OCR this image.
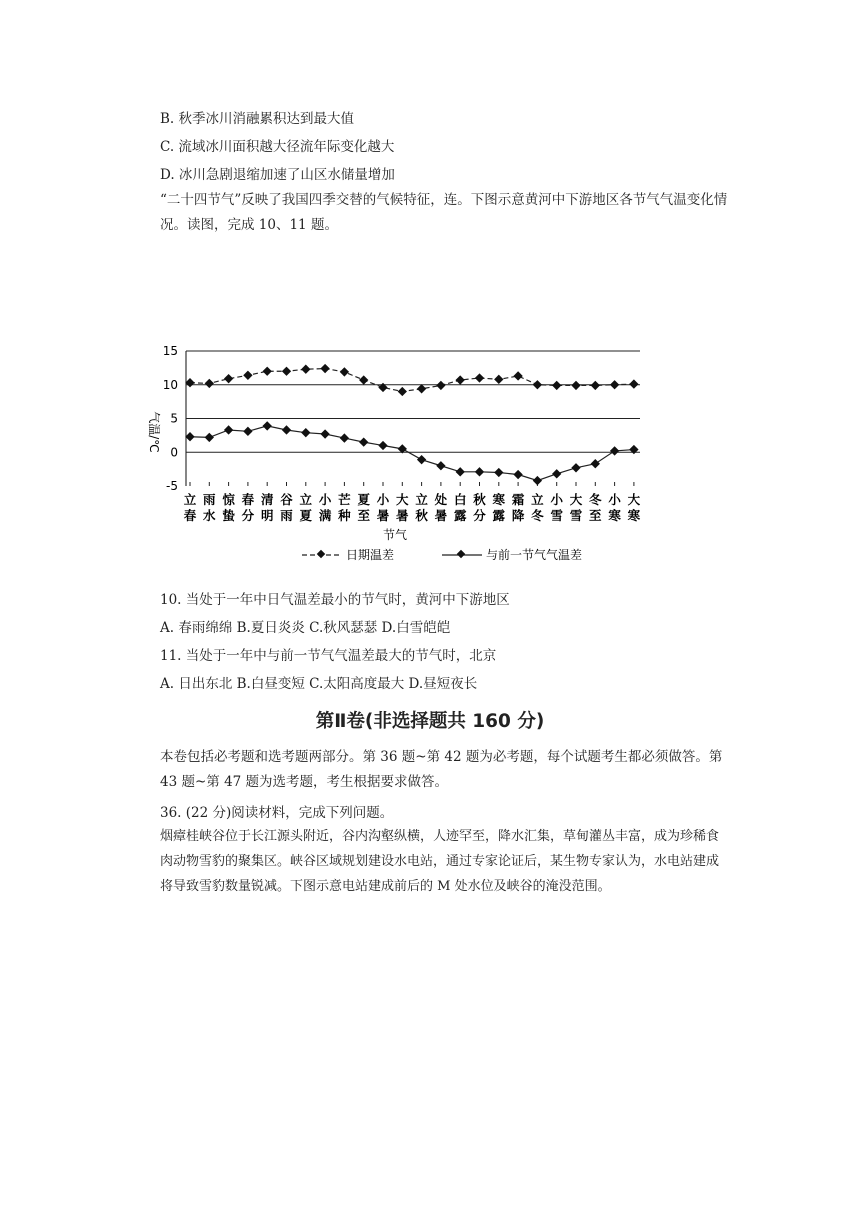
B. 秋季冰川消融累积达到最大值
C. 流域冰川面积越大径流年际变化越大
D. 冰川急剧退缩加速了山区水储量增加
“二十四节气”反映了我国四季交替的气候特征，连。下图示意黄河中下游地区各节气气温变化情况。读图，完成 10、11 题。
15
10
5
0
-5
气温/℃
立
春
雨
水
惊
蛰
春
分
清
明
谷
雨
立
夏
小
满
芒
种
夏
至
小
暑
大
暑
立
秋
处
暑
白
露
秋
分
寒
露
霜
降
立
冬
小
雪
大
雪
冬
至
小
寒
大
寒
节气
日期温差	与前一节气气温差
10. 当处于一年中日气温差最小的节气时，黄河中下游地区
A. 春雨绵绵 B.夏日炎炎 C.秋风瑟瑟 D.白雪皑皑
11. 当处于一年中与前一节气气温差最大的节气时，北京
A. 日出东北 B.白昼变短 C.太阳高度最大 D.昼短夜长
第Ⅱ卷(非选择题共 160 分)
本卷包括必考题和选考题两部分。第 36 题~第 42 题为必考题，每个试题考生都必须做答。第 43 题~第 47 题为选考题，考生根据要求做答。
36. (22 分)阅读材料，完成下列问题。
烟瘴桂峡谷位于长江源头附近，谷内沟壑纵横，人迹罕至，降水汇集，草甸灌丛丰富，成为珍稀食肉动物雪豹的聚集区。峡谷区域规划建设水电站，通过专家论证后，某生物专家认为，水电站建成将导致雪豹数量锐减。下图示意电站建成前后的 M 处水位及峡谷的淹没范围。
